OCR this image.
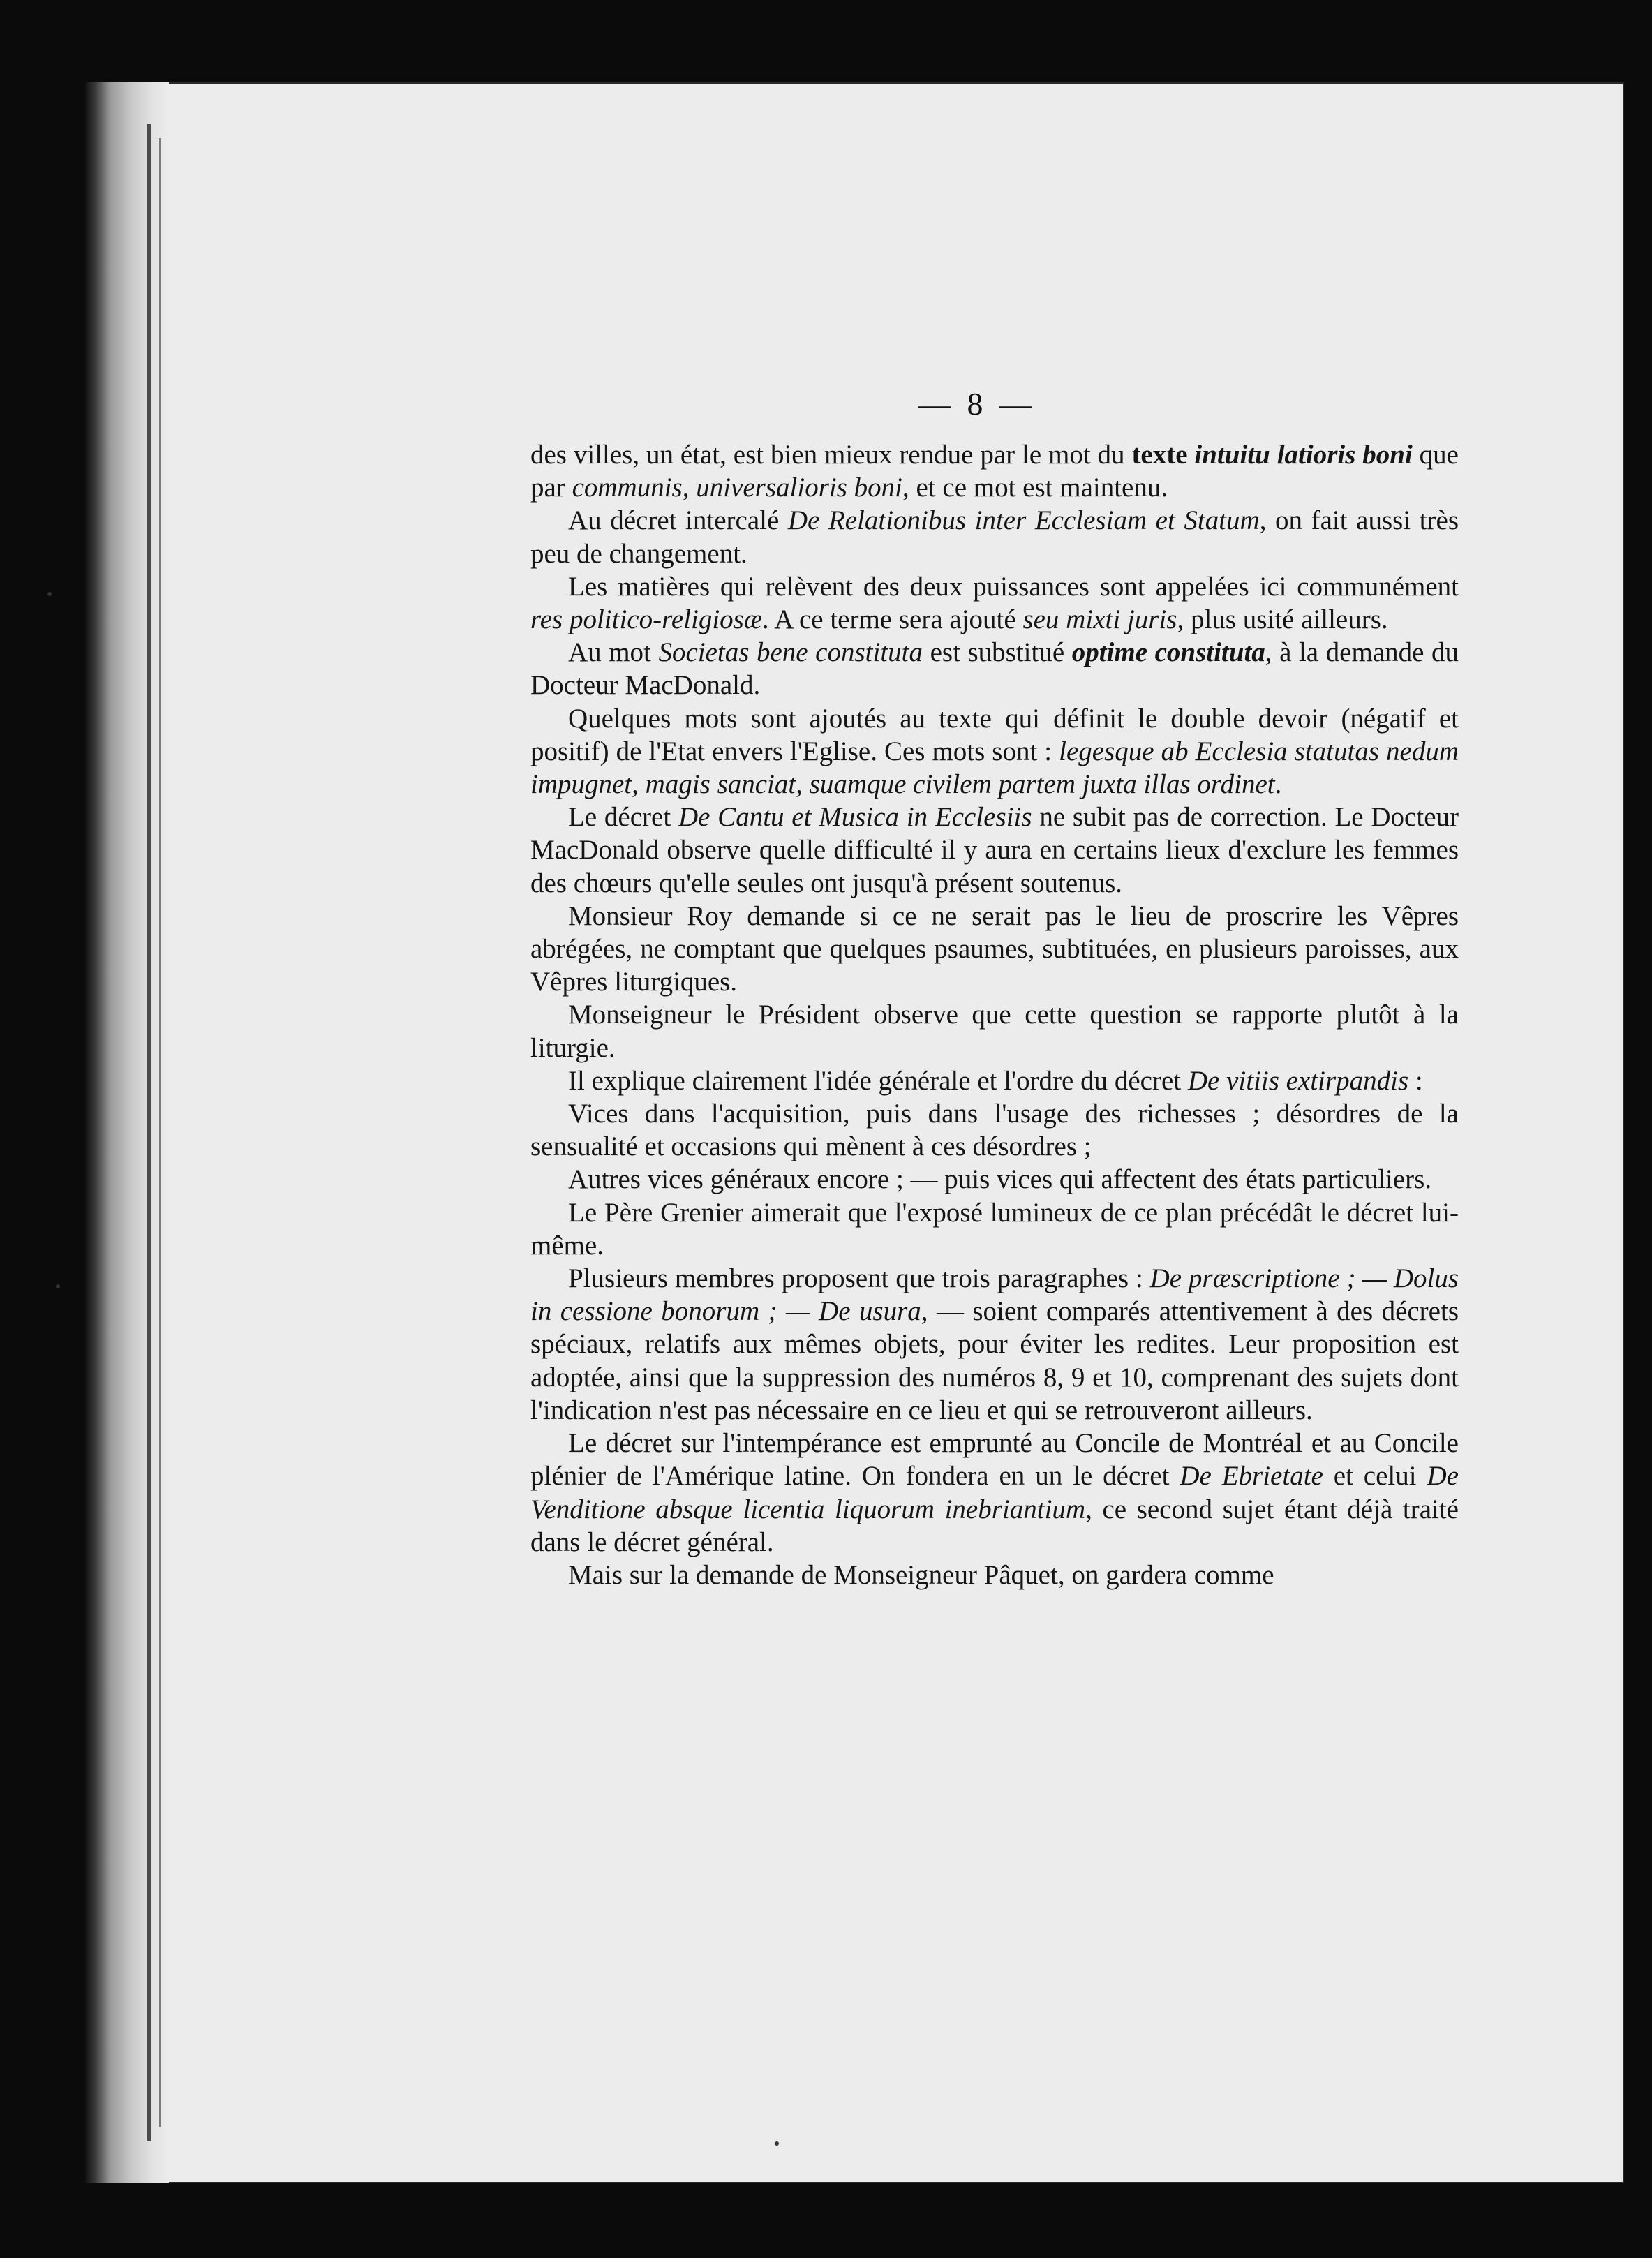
— 8 —

des villes, un état, est bien mieux rendue par le mot du texte intuitu latioris boni que par communis, universalioris boni, et ce mot est maintenu.

Au décret intercalé De Relationibus inter Ecclesiam et Statum, on fait aussi très peu de changement.

Les matières qui relèvent des deux puissances sont appelées ici communément res politico-religiosæ. A ce terme sera ajouté seu mixti juris, plus usité ailleurs.

Au mot Societas bene constituta est substitué optime constituta, à la demande du Docteur MacDonald.

Quelques mots sont ajoutés au texte qui définit le double devoir (négatif et positif) de l'Etat envers l'Eglise. Ces mots sont : legesque ab Ecclesia statutas nedum impugnet, magis sanciat, suamque civilem partem juxta illas ordinet.

Le décret De Cantu et Musica in Ecclesiis ne subit pas de correction. Le Docteur MacDonald observe quelle difficulté il y aura en certains lieux d'exclure les femmes des chœurs qu'elle seules ont jusqu'à présent soutenus.

Monsieur Roy demande si ce ne serait pas le lieu de proscrire les Vêpres abrégées, ne comptant que quelques psaumes, subtituées, en plusieurs paroisses, aux Vêpres liturgiques.

Monseigneur le Président observe que cette question se rapporte plutôt à la liturgie.

Il explique clairement l'idée générale et l'ordre du décret De vitiis extirpandis :

Vices dans l'acquisition, puis dans l'usage des richesses ; désordres de la sensualité et occasions qui mènent à ces désordres ;

Autres vices généraux encore ; — puis vices qui affectent des états particuliers.

Le Père Grenier aimerait que l'exposé lumineux de ce plan précédât le décret lui-même.

Plusieurs membres proposent que trois paragraphes : De præscriptione ; — Dolus in cessione bonorum ; — De usura, — soient comparés attentivement à des décrets spéciaux, relatifs aux mêmes objets, pour éviter les redites. Leur proposition est adoptée, ainsi que la suppression des numéros 8, 9 et 10, comprenant des sujets dont l'indication n'est pas nécessaire en ce lieu et qui se retrouveront ailleurs.

Le décret sur l'intempérance est emprunté au Concile de Montréal et au Concile plénier de l'Amérique latine. On fondera en un le décret De Ebrietate et celui De Venditione absque licentia liquorum inebriantium, ce second sujet étant déjà traité dans le décret général.

Mais sur la demande de Monseigneur Pâquet, on gardera comme
